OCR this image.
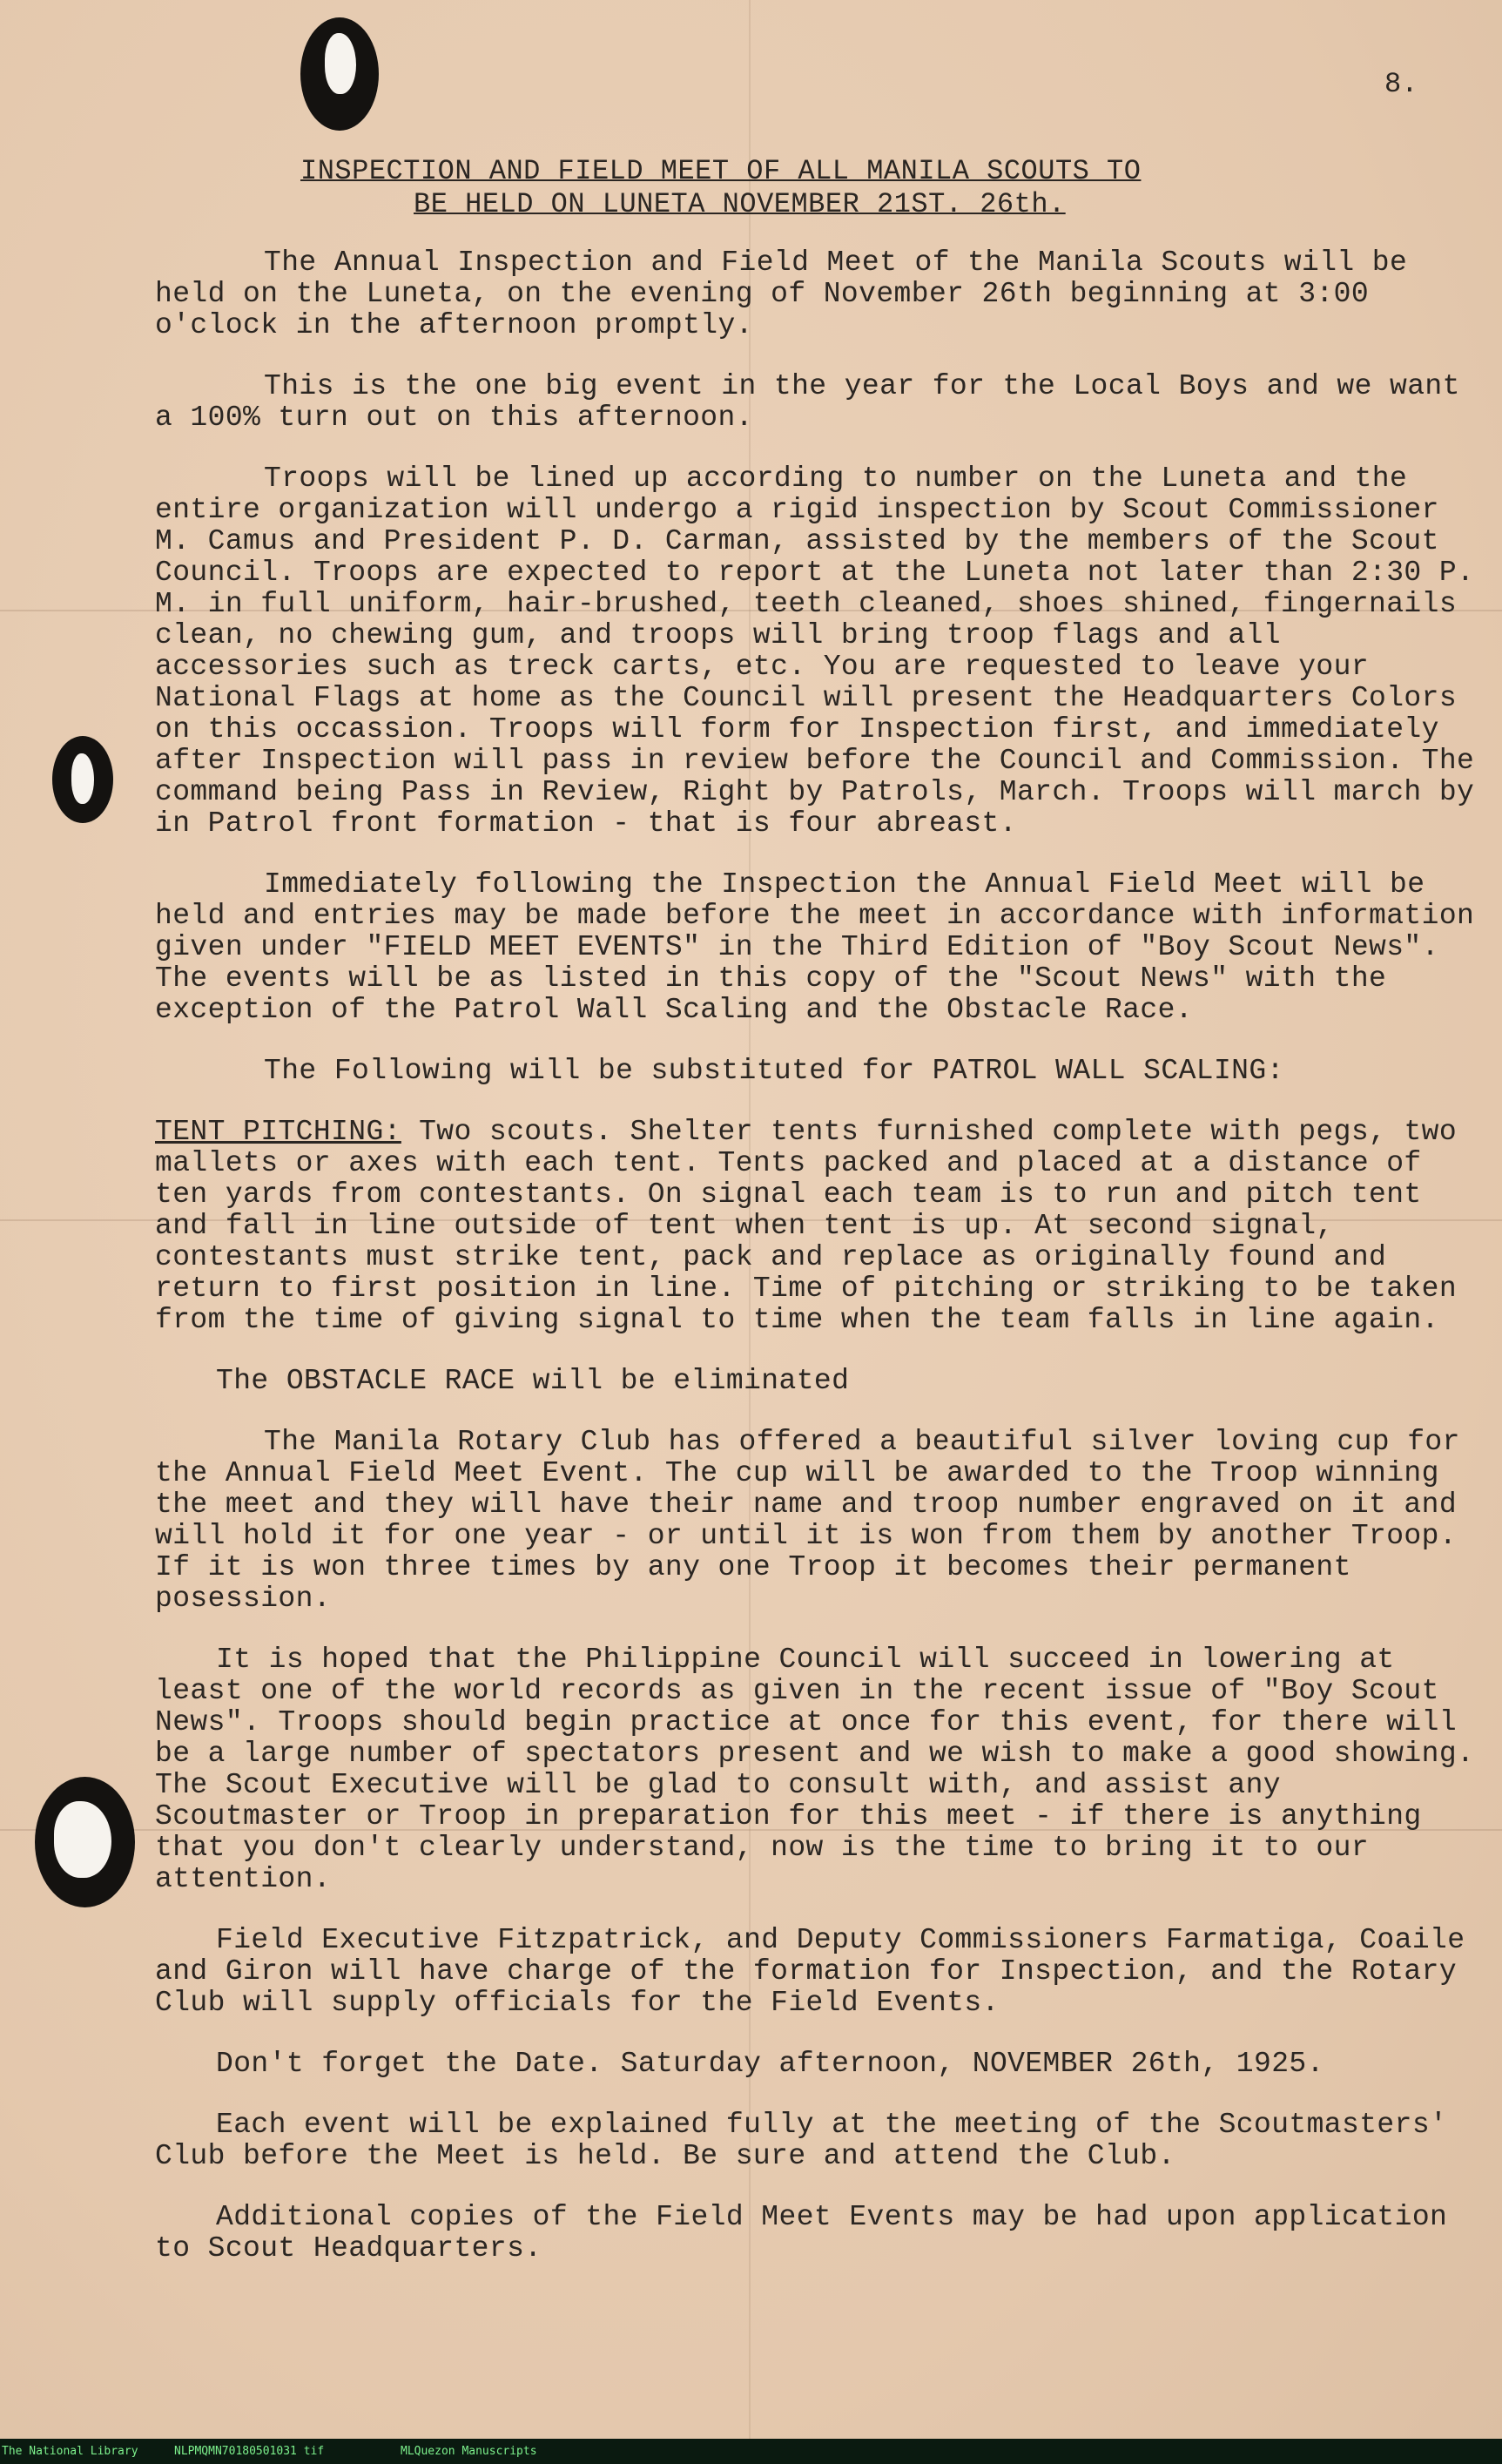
8.
INSPECTION AND FIELD MEET OF ALL MANILA SCOUTS TO
BE HELD ON LUNETA NOVEMBER 21ST. 26th.

The Annual Inspection and Field Meet of the Manila Scouts will be held on the Luneta, on the evening of November 26th beginning at 3:00 o'clock in the afternoon promptly.

This is the one big event in the year for the Local Boys and we want a 100% turn out on this afternoon.

Troops will be lined up according to number on the Luneta and the entire organization will undergo a rigid inspection by Scout Commissioner M. Camus and President P. D. Carman, assisted by the members of the Scout Council. Troops are expected to report at the Luneta not later than 2:30 P. M. in full uniform, hair-brushed, teeth cleaned, shoes shined, fingernails clean, no chewing gum, and troops will bring troop flags and all accessories such as treck carts, etc. You are requested to leave your National Flags at home as the Council will present the Headquarters Colors on this occassion. Troops will form for Inspection first, and immediately after Inspection will pass in review before the Council and Commission. The command being Pass in Review, Right by Patrols, March. Troops will march by in Patrol front formation - that is four abreast.

Immediately following the Inspection the Annual Field Meet will be held and entries may be made before the meet in accordance with information given under "FIELD MEET EVENTS" in the Third Edition of "Boy Scout News". The events will be as listed in this copy of the "Scout News" with the exception of the Patrol Wall Scaling and the Obstacle Race.

The Following will be substituted for PATROL WALL SCALING:

TENT PITCHING: Two scouts. Shelter tents furnished complete with pegs, two mallets or axes with each tent. Tents packed and placed at a distance of ten yards from contestants. On signal each team is to run and pitch tent and fall in line outside of tent when tent is up. At second signal, contestants must strike tent, pack and replace as originally found and return to first position in line. Time of pitching or striking to be taken from the time of giving signal to time when the team falls in line again.

The OBSTACLE RACE will be eliminated

The Manila Rotary Club has offered a beautiful silver loving cup for the Annual Field Meet Event. The cup will be awarded to the Troop winning the meet and they will have their name and troop number engraved on it and will hold it for one year - or until it is won from them by another Troop. If it is won three times by any one Troop it becomes their permanent posession.

It is hoped that the Philippine Council will succeed in lowering at least one of the world records as given in the recent issue of "Boy Scout News". Troops should begin practice at once for this event, for there will be a large number of spectators present and we wish to make a good showing. The Scout Executive will be glad to consult with, and assist any Scoutmaster or Troop in preparation for this meet - if there is anything that you don't clearly understand, now is the time to bring it to our attention.

Field Executive Fitzpatrick, and Deputy Commissioners Farmatiga, Coaile and Giron will have charge of the formation for Inspection, and the Rotary Club will supply officials for the Field Events.

Don't forget the Date. Saturday afternoon, NOVEMBER 26th, 1925.

Each event will be explained fully at the meeting of the Scoutmasters' Club before the Meet is held. Be sure and attend the Club.

Additional copies of the Field Meet Events may be had upon application to Scout Headquarters.

The National Library	NLPMQMN70180501031 tif	MLQuezon Manuscripts
